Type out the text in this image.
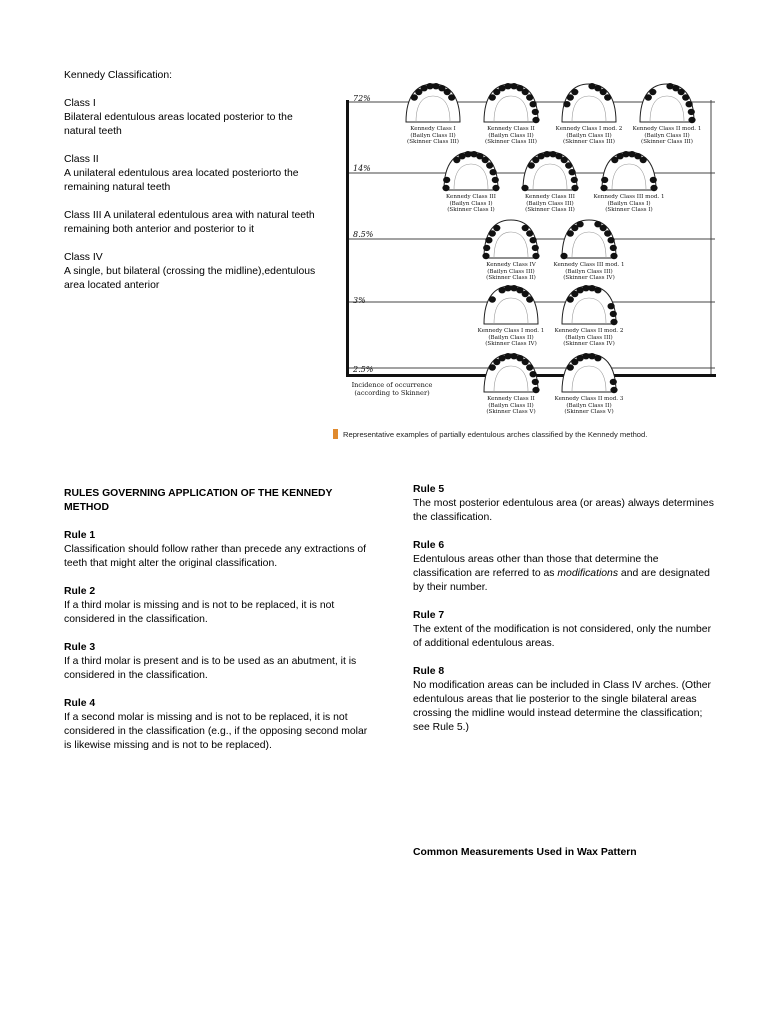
Kennedy Classification:

Class I

Bilateral edentulous areas located posterior to the natural teeth

Class II

A unilateral edentulous area located posteriorto the remaining natural teeth

Class III A unilateral edentulous area with natural teeth remaining both anterior and posterior to it

Class IV

A single, but bilateral (crossing the midline),edentulous area located anterior

72%
14%
8.5%
3%
2.5%
Kennedy Class I
(Bailyn Class II)
(Skinner Class III)
Kennedy Class II
(Bailyn Class II)
(Skinner Class III)
Kennedy Class I mod. 2
(Bailyn Class II)
(Skinner Class III)
Kennedy Class II mod. 1
(Bailyn Class II)
(Skinner Class III)
Kennedy Class III
(Bailyn Class I)
(Skinner Class I)
Kennedy Class III
(Bailyn Class III)
(Skinner Class II)
Kennedy Class III mod. 1
(Bailyn Class I)
(Skinner Class I)
Kennedy Class IV
(Bailyn Class III)
(Skinner Class II)
Kennedy Class III mod. 1
(Bailyn Class III)
(Skinner Class IV)
Kennedy Class I mod. 1
(Bailyn Class II)
(Skinner Class IV)
Kennedy Class II mod. 2
(Bailyn Class III)
(Skinner Class IV)
Kennedy Class II
(Bailyn Class II)
(Skinner Class V)
Kennedy Class II mod. 3
(Bailyn Class II)
(Skinner Class V)
Incidence of occurrence (according to Skinner)
Representative examples of partially edentulous arches classified by the Kennedy method.

RULES GOVERNING APPLICATION OF THE KENNEDY METHOD

Rule 1

Classification should follow rather than precede any extractions of teeth that might alter the original classification.

Rule 2

If a third molar is missing and is not to be replaced, it is not considered in the classification.

Rule 3

If a third molar is present and is to be used as an abutment, it is considered in the classification.

Rule 4

If a second molar is missing and is not to be replaced, it is not considered in the classification (e.g., if the opposing second molar is likewise missing and is not to be replaced).

Rule 5

The most posterior edentulous area (or areas) always determines the classification.

Rule 6

Edentulous areas other than those that determine the classification are referred to as modifications and are designated by their number.

Rule 7

The extent of the modification is not considered, only the number of additional edentulous areas.

Rule 8

No modification areas can be included in Class IV arches. (Other edentulous areas that lie posterior to the single bilateral areas crossing the midline would instead determine the classification; see Rule 5.)

Common Measurements Used in Wax Pattern
